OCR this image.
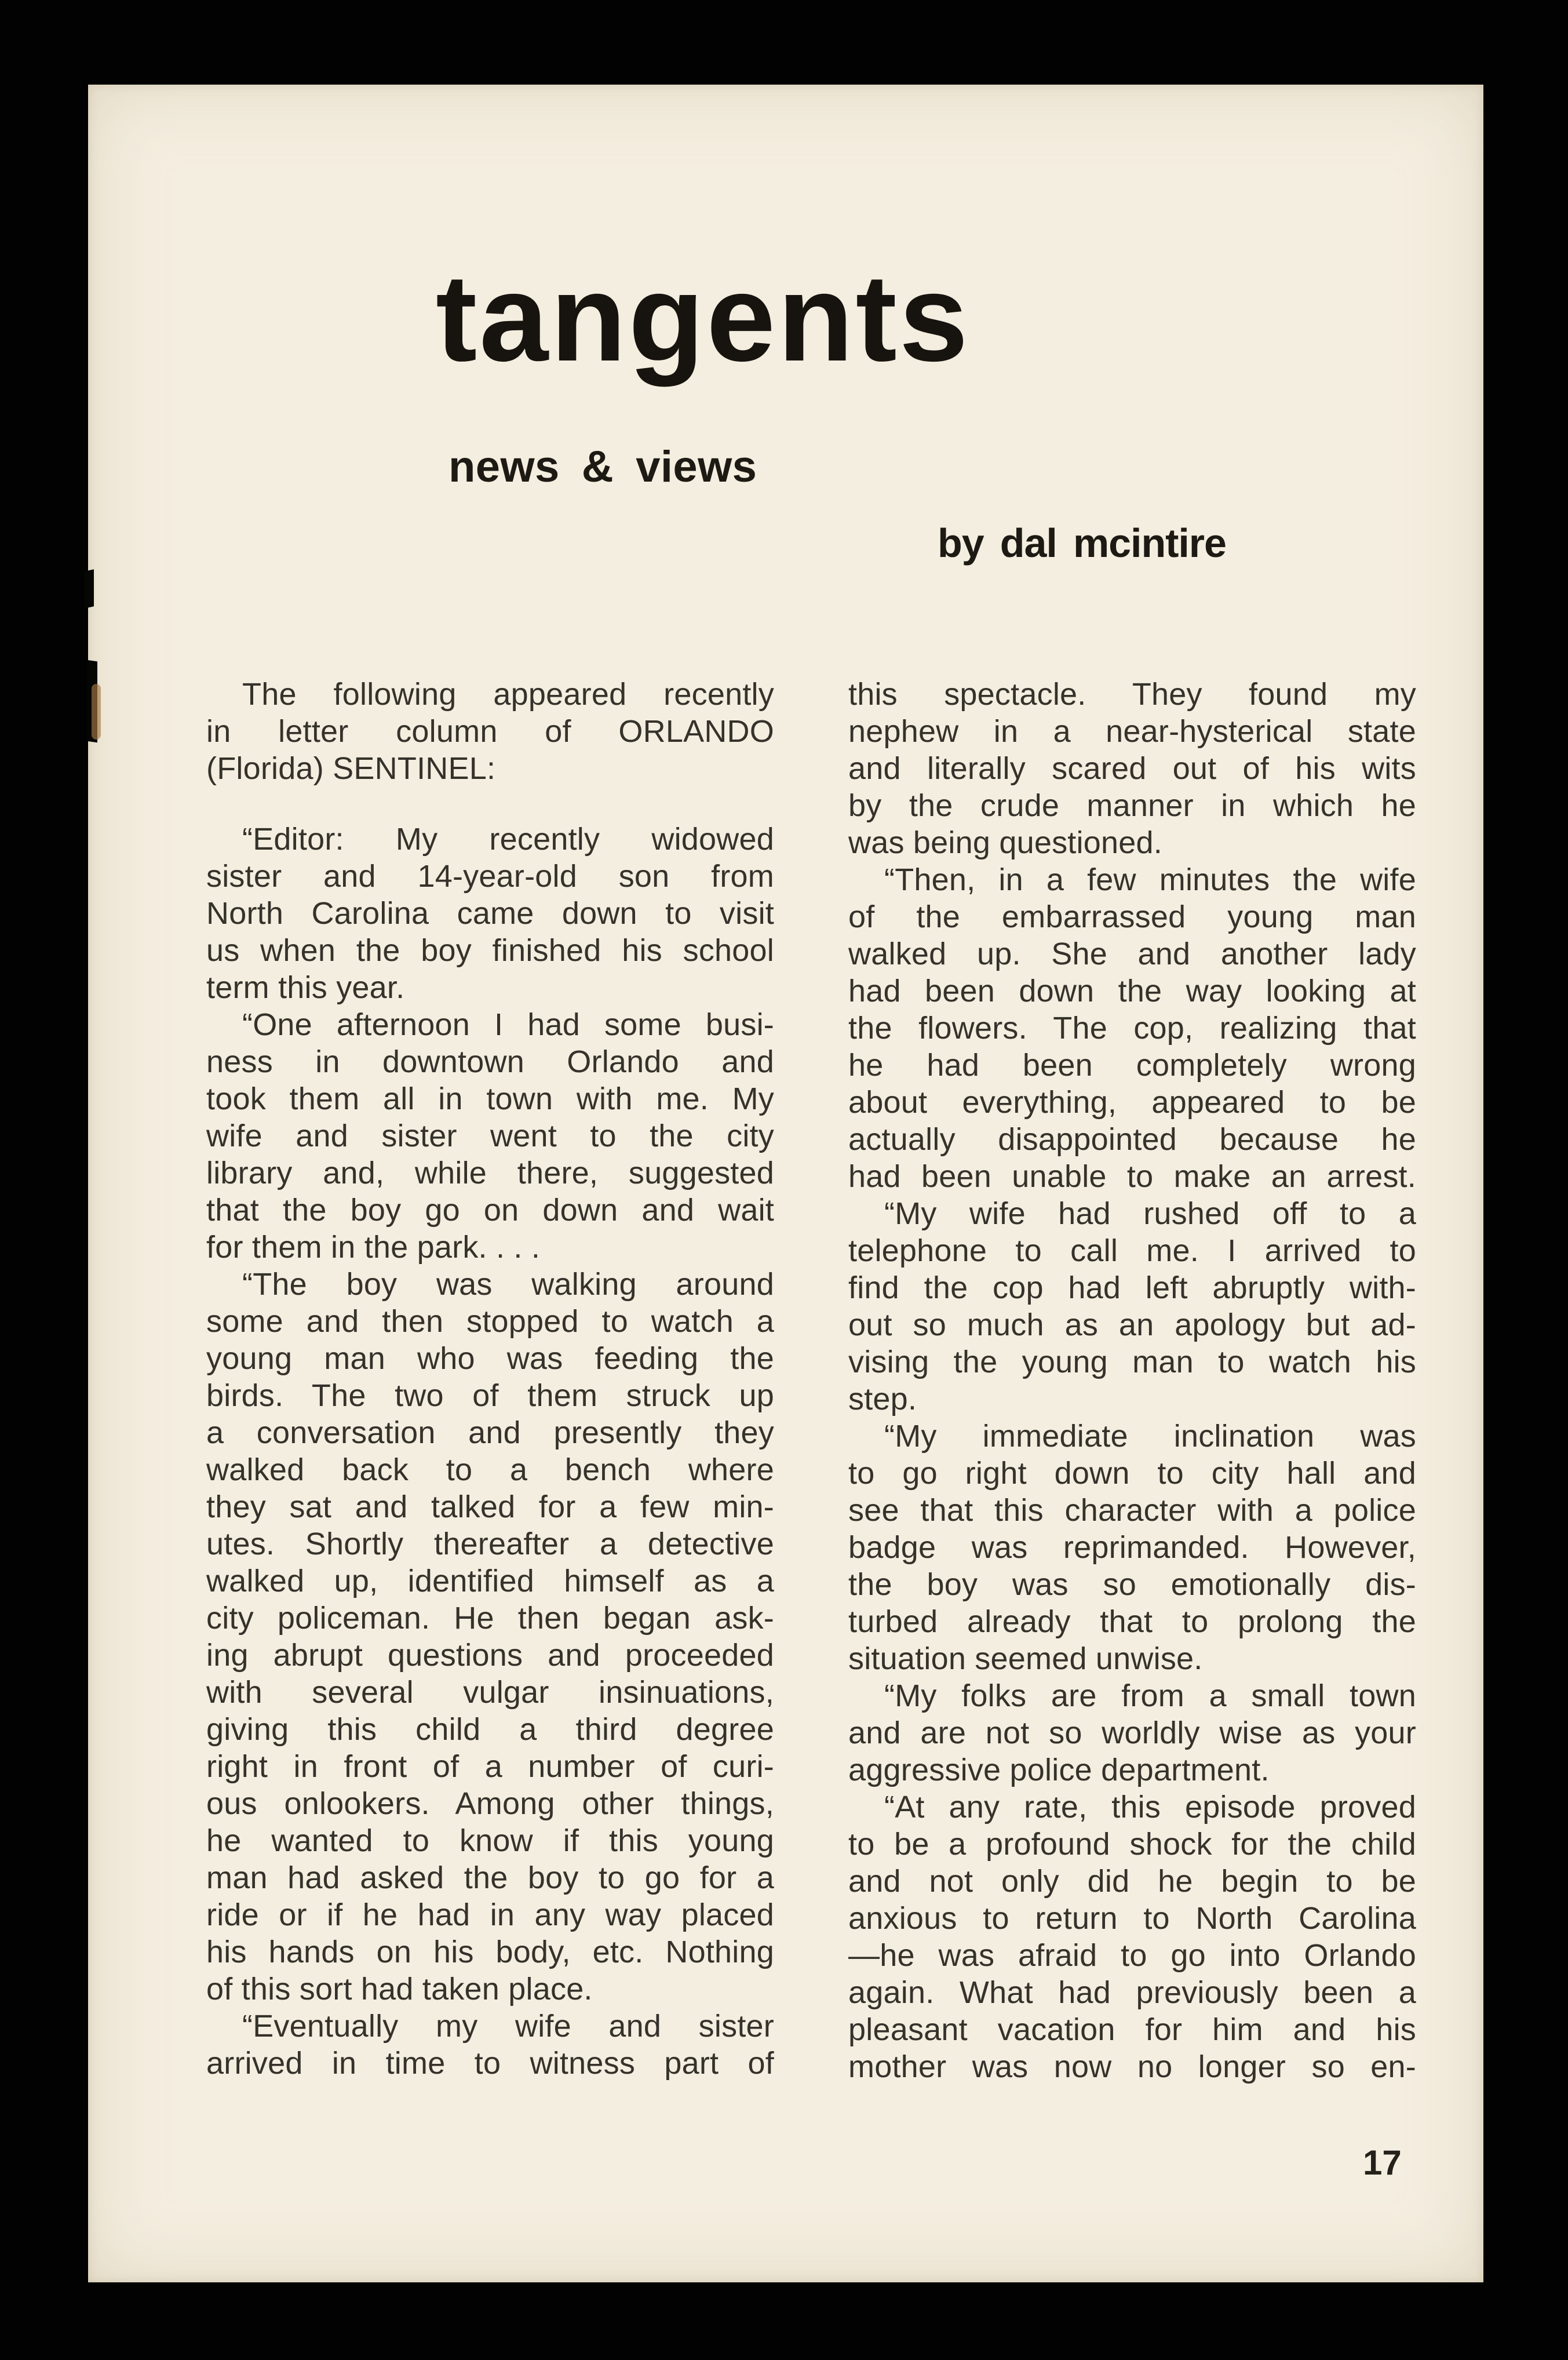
tangents
news & views
by dal mcintire
The following appeared recently
in letter column of ORLANDO
(Florida) SENTINEL:
“Editor: My recently widowed
sister and 14-year-old son from
North Carolina came down to visit
us when the boy finished his school
term this year.
“One afternoon I had some busi-
ness in downtown Orlando and
took them all in town with me. My
wife and sister went to the city
library and, while there, suggested
that the boy go on down and wait
for them in the park. . . .
“The boy was walking around
some and then stopped to watch a
young man who was feeding the
birds. The two of them struck up
a conversation and presently they
walked back to a bench where
they sat and talked for a few min-
utes. Shortly thereafter a detective
walked up, identified himself as a
city policeman. He then began ask-
ing abrupt questions and proceeded
with several vulgar insinuations,
giving this child a third degree
right in front of a number of curi-
ous onlookers. Among other things,
he wanted to know if this young
man had asked the boy to go for a
ride or if he had in any way placed
his hands on his body, etc. Nothing
of this sort had taken place.
“Eventually my wife and sister
arrived in time to witness part of
this spectacle. They found my
nephew in a near-hysterical state
and literally scared out of his wits
by the crude manner in which he
was being questioned.
“Then, in a few minutes the wife
of the embarrassed young man
walked up. She and another lady
had been down the way looking at
the flowers. The cop, realizing that
he had been completely wrong
about everything, appeared to be
actually disappointed because he
had been unable to make an arrest.
“My wife had rushed off to a
telephone to call me. I arrived to
find the cop had left abruptly with-
out so much as an apology but ad-
vising the young man to watch his
step.
“My immediate inclination was
to go right down to city hall and
see that this character with a police
badge was reprimanded. However,
the boy was so emotionally dis-
turbed already that to prolong the
situation seemed unwise.
“My folks are from a small town
and are not so worldly wise as your
aggressive police department.
“At any rate, this episode proved
to be a profound shock for the child
and not only did he begin to be
anxious to return to North Carolina
—he was afraid to go into Orlando
again. What had previously been a
pleasant vacation for him and his
mother was now no longer so en-
17
